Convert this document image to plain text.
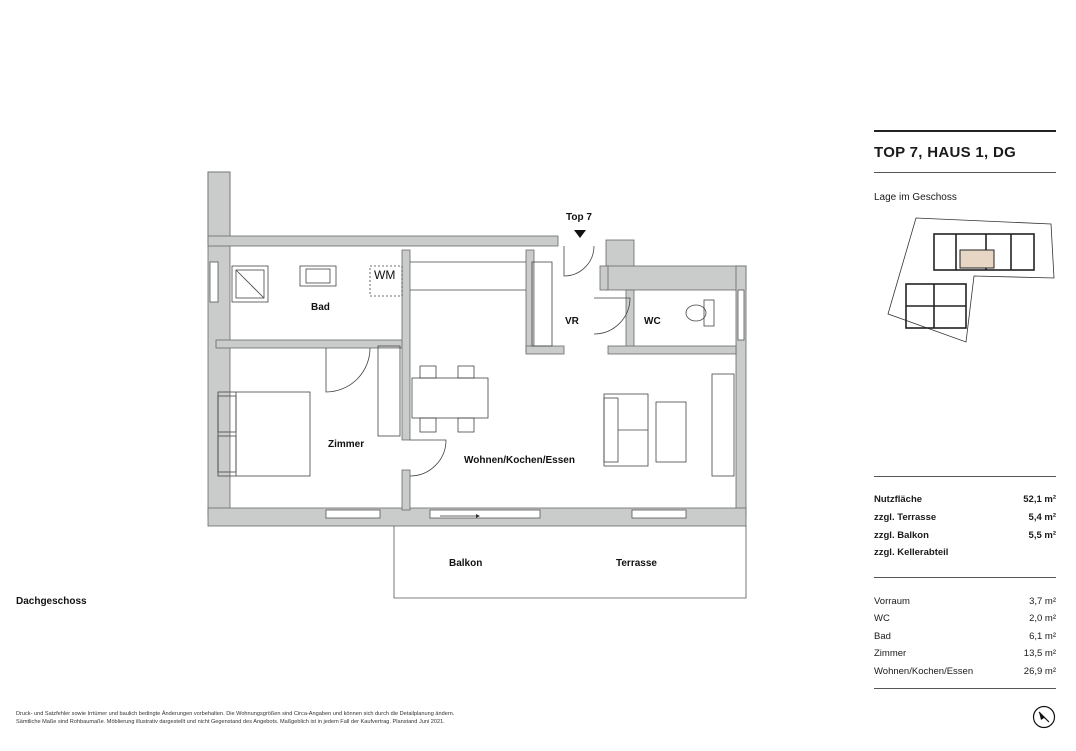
WM
Top 7
Bad
VR	WC
Zimmer
Wohnen/Kochen/Essen
Balkon	Terrasse
Dachgeschoss
TOP 7, HAUS 1, DG
Lage im Geschoss
Nutzfläche	52,1 m²
zzgl. Terrasse	5,4 m²
zzgl. Balkon	5,5 m²
zzgl. Kellerabteil
Vorraum	3,7 m²
WC	2,0 m²
Bad	6,1 m²
Zimmer	13,5 m²
Wohnen/Kochen/Essen	26,9 m²
Druck- und Satzfehler sowie Irrtümer und baulich bedingte Änderungen vorbehalten. Die Wohnungsgrößen sind Circa-Angaben und können sich durch die Detailplanung ändern.
Sämtliche Maße sind Rohbaumaße. Möblierung illustrativ dargestellt und nicht Gegenstand des Angebots. Maßgeblich ist in jedem Fall der Kaufvertrag. Planstand Juni 2021.
